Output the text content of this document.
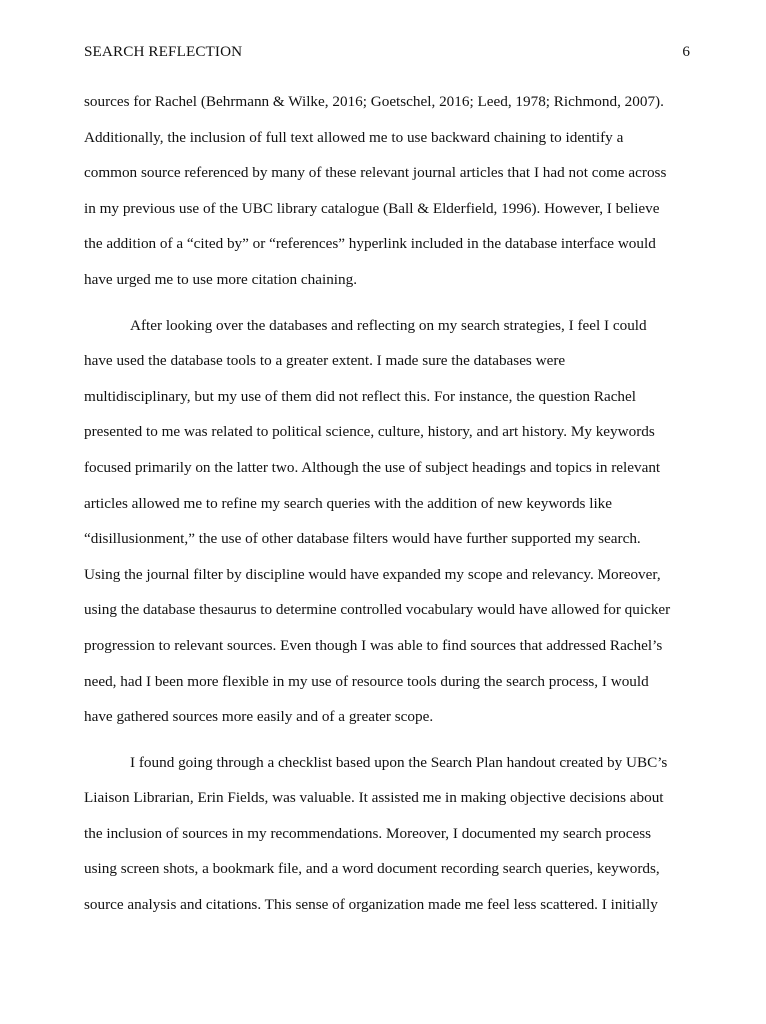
SEARCH REFLECTION	6
sources for Rachel (Behrmann & Wilke, 2016; Goetschel, 2016; Leed, 1978; Richmond, 2007).
Additionally, the inclusion of full text allowed me to use backward chaining to identify a
common source referenced by many of these relevant journal articles that I had not come across
in my previous use of the UBC library catalogue (Ball & Elderfield, 1996). However, I believe
the addition of a “cited by” or “references” hyperlink included in the database interface would
have urged me to use more citation chaining.
After looking over the databases and reflecting on my search strategies, I feel I could
have used the database tools to a greater extent. I made sure the databases were
multidisciplinary, but my use of them did not reflect this. For instance, the question Rachel
presented to me was related to political science, culture, history, and art history. My keywords
focused primarily on the latter two. Although the use of subject headings and topics in relevant
articles allowed me to refine my search queries with the addition of new keywords like
“disillusionment,” the use of other database filters would have further supported my search.
Using the journal filter by discipline would have expanded my scope and relevancy. Moreover,
using the database thesaurus to determine controlled vocabulary would have allowed for quicker
progression to relevant sources. Even though I was able to find sources that addressed Rachel’s
need, had I been more flexible in my use of resource tools during the search process, I would
have gathered sources more easily and of a greater scope.
I found going through a checklist based upon the Search Plan handout created by UBC’s
Liaison Librarian, Erin Fields, was valuable. It assisted me in making objective decisions about
the inclusion of sources in my recommendations. Moreover, I documented my search process
using screen shots, a bookmark file, and a word document recording search queries, keywords,
source analysis and citations. This sense of organization made me feel less scattered. I initially
